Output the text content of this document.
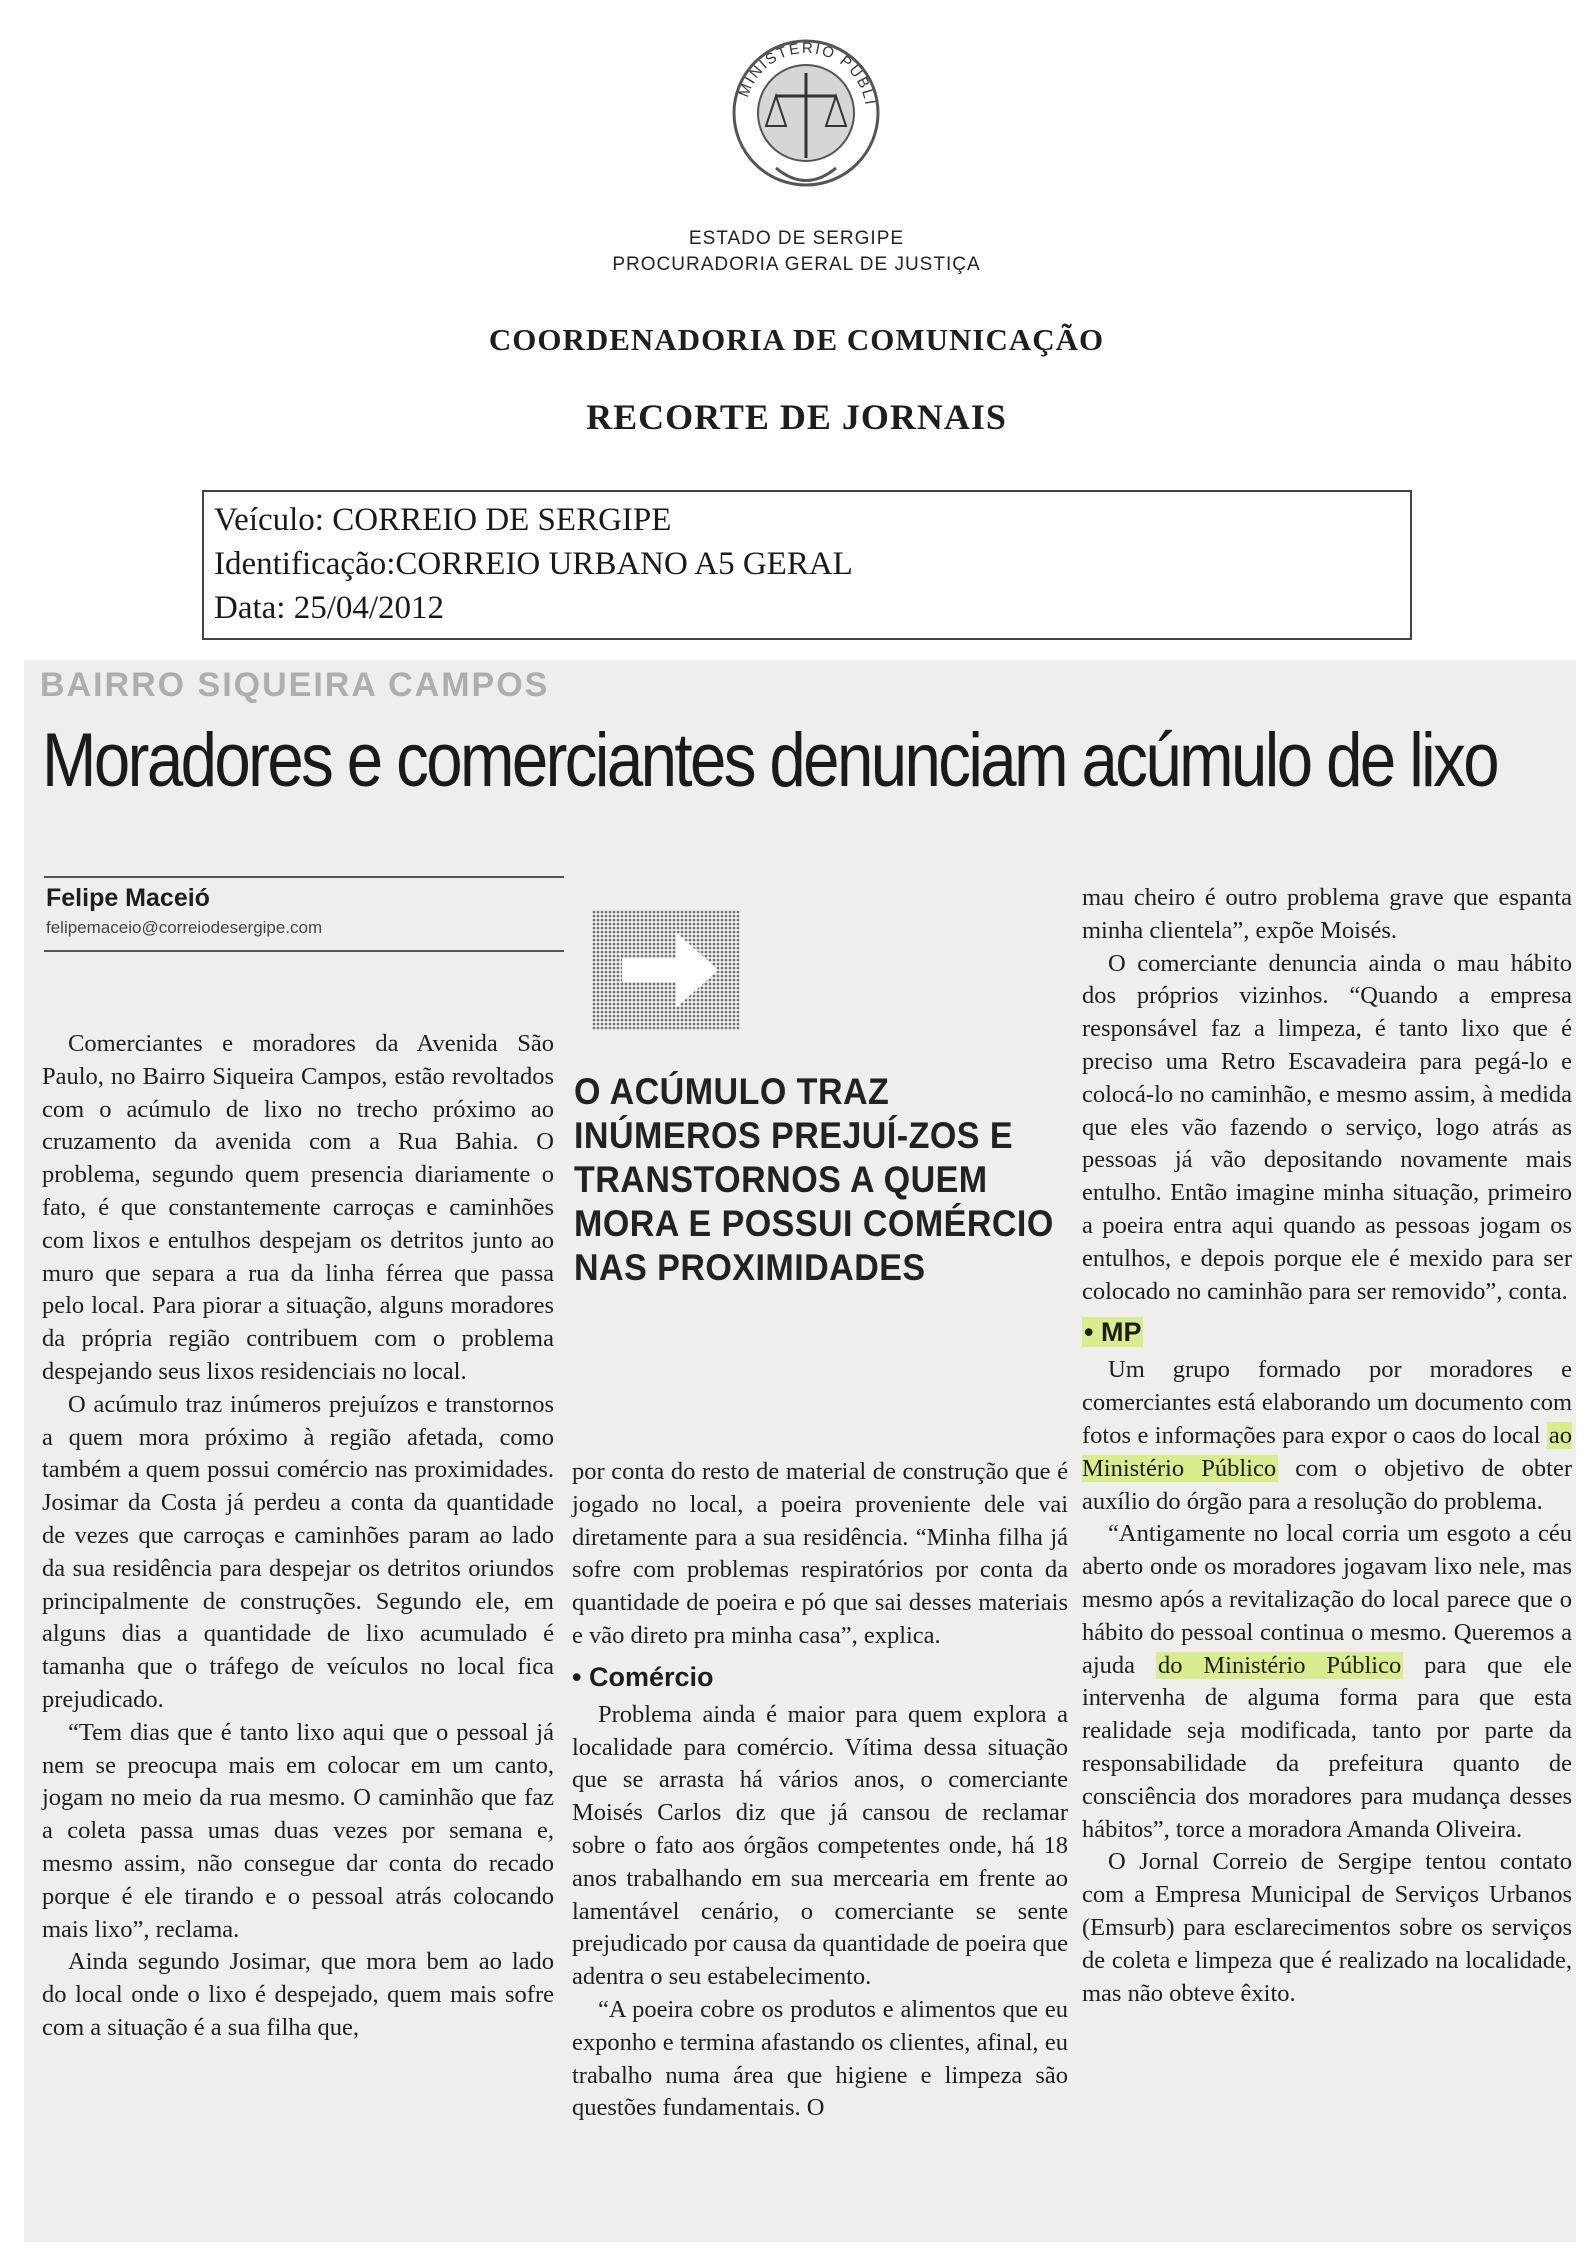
MINISTÉRIO PÚBLI
ESTADO DE SERGIPE
PROCURADORIA GERAL DE JUSTIÇA
COORDENADORIA DE COMUNICAÇÃO
RECORTE DE JORNAIS
Veículo: CORREIO DE SERGIPE
Identificação:CORREIO URBANO A5 GERAL
Data: 25/04/2012
BAIRRO SIQUEIRA CAMPOS
Moradores e comerciantes denunciam acúmulo de lixo
Felipe Maceió
felipemaceio@correiodesergipe.com

Comerciantes e moradores da Avenida São Paulo, no Bairro Siqueira Campos, estão revoltados com o acúmulo de lixo no trecho próximo ao cruzamento da avenida com a Rua Bahia. O problema, segundo quem presencia diariamente o fato, é que constantemente carroças e caminhões com lixos e entulhos despejam os detritos junto ao muro que separa a rua da linha férrea que passa pelo local. Para piorar a situação, alguns moradores da própria região contribuem com o problema despejando seus lixos residenciais no local.

O acúmulo traz inúmeros prejuízos e transtornos a quem mora próximo à região afetada, como também a quem possui comércio nas proximidades. Josimar da Costa já perdeu a conta da quantidade de vezes que carroças e caminhões param ao lado da sua residência para despejar os detritos oriundos principalmente de construções. Segundo ele, em alguns dias a quantidade de lixo acumulado é tamanha que o tráfego de veículos no local fica prejudicado.

“Tem dias que é tanto lixo aqui que o pessoal já nem se preocupa mais em colocar em um canto, jogam no meio da rua mesmo. O caminhão que faz a coleta passa umas duas vezes por semana e, mesmo assim, não consegue dar conta do recado porque é ele tirando e o pessoal atrás colocando mais lixo”, reclama.

Ainda segundo Josimar, que mora bem ao lado do local onde o lixo é despejado, quem mais sofre com a situação é a sua filha que,

O ACÚMULO TRAZ INÚMEROS PREJUÍ-ZOS E TRANSTORNOS A QUEM MORA E POSSUI COMÉRCIO NAS PROXIMIDADES

por conta do resto de material de construção que é jogado no local, a poeira proveniente dele vai diretamente para a sua residência. “Minha filha já sofre com problemas respiratórios por conta da quantidade de poeira e pó que sai desses materiais e vão direto pra minha casa”, explica.

• Comércio

Problema ainda é maior para quem explora a localidade para comércio. Vítima dessa situação que se arrasta há vários anos, o comerciante Moisés Carlos diz que já cansou de reclamar sobre o fato aos órgãos competentes onde, há 18 anos trabalhando em sua mercearia em frente ao lamentável cenário, o comerciante se sente prejudicado por causa da quantidade de poeira que adentra o seu estabelecimento.

“A poeira cobre os produtos e alimentos que eu exponho e termina afastando os clientes, afinal, eu trabalho numa área que higiene e limpeza são questões fundamentais. O

mau cheiro é outro problema grave que espanta minha clientela”, expõe Moisés.

O comerciante denuncia ainda o mau hábito dos próprios vizinhos. “Quando a empresa responsável faz a limpeza, é tanto lixo que é preciso uma Retro Escavadeira para pegá-lo e colocá-lo no caminhão, e mesmo assim, à medida que eles vão fazendo o serviço, logo atrás as pessoas já vão depositando novamente mais entulho. Então imagine minha situação, primeiro a poeira entra aqui quando as pessoas jogam os entulhos, e depois porque ele é mexido para ser colocado no caminhão para ser removido”, conta.

• MP

Um grupo formado por moradores e comerciantes está elaborando um documento com fotos e informações para expor o caos do local ao Ministério Público com o objetivo de obter auxílio do órgão para a resolução do problema.

“Antigamente no local corria um esgoto a céu aberto onde os moradores jogavam lixo nele, mas mesmo após a revitalização do local parece que o hábito do pessoal continua o mesmo. Queremos a ajuda do Ministério Público para que ele intervenha de alguma forma para que esta realidade seja modificada, tanto por parte da responsabilidade da prefeitura quanto de consciência dos moradores para mudança desses hábitos”, torce a moradora Amanda Oliveira.

O Jornal Correio de Sergipe tentou contato com a Empresa Municipal de Serviços Urbanos (Emsurb) para esclarecimentos sobre os serviços de coleta e limpeza que é realizado na localidade, mas não obteve êxito.
